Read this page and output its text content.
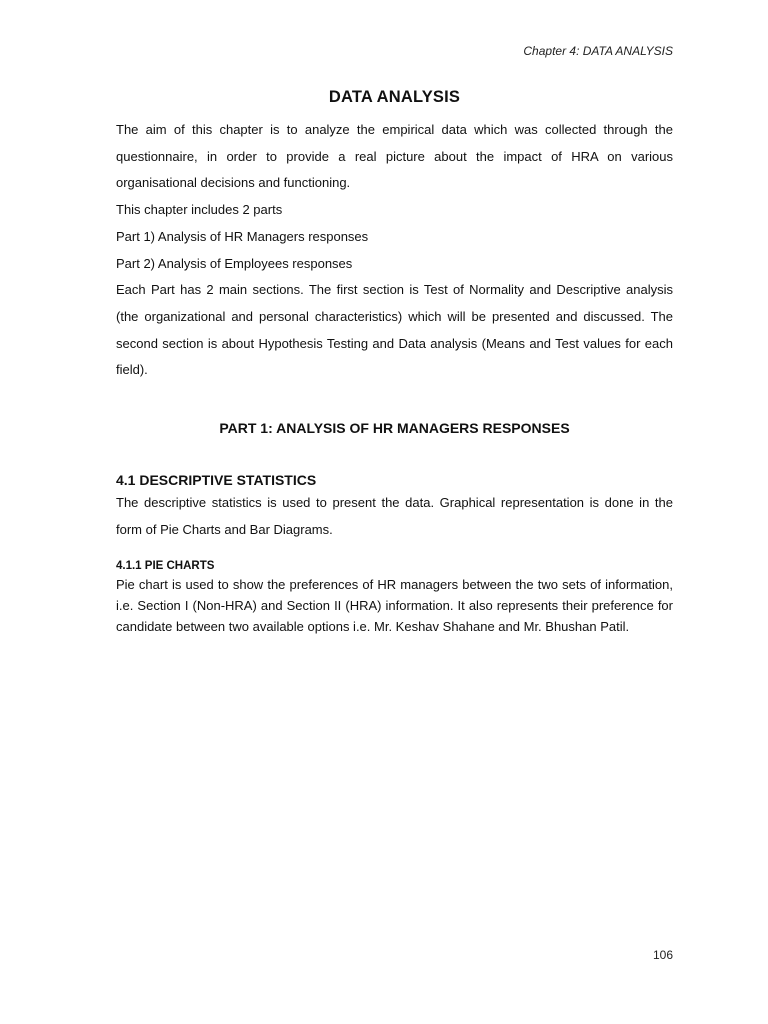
Chapter 4: DATA ANALYSIS
DATA ANALYSIS

The aim of this chapter is to analyze the empirical data which was collected through the questionnaire, in order to provide a real picture about the impact of HRA on various organisational decisions and functioning.

This chapter includes 2 parts
Part 1) Analysis of HR Managers responses
Part 2) Analysis of Employees responses

Each Part has 2 main sections. The first section is Test of Normality and Descriptive analysis (the organizational and personal characteristics) which will be presented and discussed. The second section is about Hypothesis Testing and Data analysis (Means and Test values for each field).

PART 1: ANALYSIS OF HR MANAGERS RESPONSES
4.1 DESCRIPTIVE STATISTICS

The descriptive statistics is used to present the data. Graphical representation is done in the form of Pie Charts and Bar Diagrams.

4.1.1 PIE CHARTS

Pie chart is used to show the preferences of HR managers between the two sets of information, i.e. Section I (Non-HRA) and Section II (HRA) information. It also represents their preference for candidate between two available options i.e. Mr. Keshav Shahane and Mr. Bhushan Patil.

106
